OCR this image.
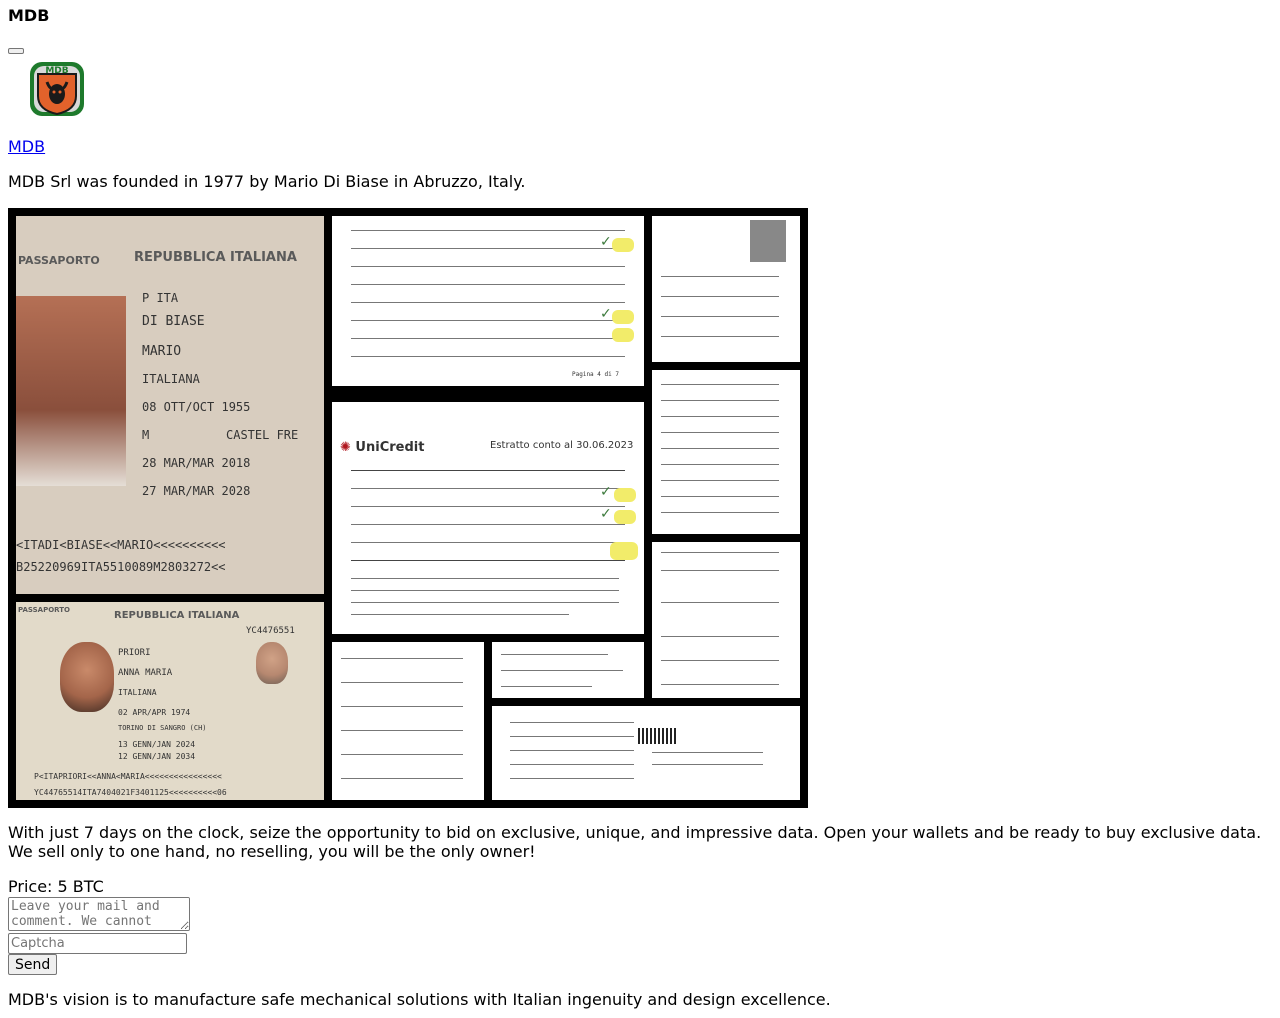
MDB
MDB
MDB

MDB Srl was founded in 1977 by Mario Di Biase in Abruzzo, Italy.

PASSAPORTO	REPUBBLICA ITALIANA
P ITA
DI BIASE
MARIO
ITALIANA
08 OTT/OCT 1955
M	CASTEL FRE
28 MAR/MAR 2018
27 MAR/MAR 2028
<ITADI<BIASE<<MARIO<<<<<<<<<<
B25220969ITA5510089M2803272<<
PASSAPORTO	REPUBBLICA ITALIANA
YC4476551
PRIORI
ANNA MARIA
ITALIANA
02 APR/APR 1974
TORINO DI SANGRO (CH)
13 GENN/JAN 2024
12 GENN/JAN 2034
P<ITAPRIORI<<ANNA<MARIA<<<<<<<<<<<<<<<<
YC44765514ITA7404021F3401125<<<<<<<<<<06
✓
✓
Pagina 4 di 7
✺ UniCredit	Estratto conto al 30.06.2023
✓
✓

With just 7 days on the clock, seize the opportunity to bid on exclusive, unique, and impressive data. Open your wallets and be ready to buy exclusive data. We sell only to one hand, no reselling, you will be the only owner!

Price: 5 BTC

Leave your mail and comment. We cannot reply
Captcha
Send

MDB's vision is to manufacture safe mechanical solutions with Italian ingenuity and design excellence.
